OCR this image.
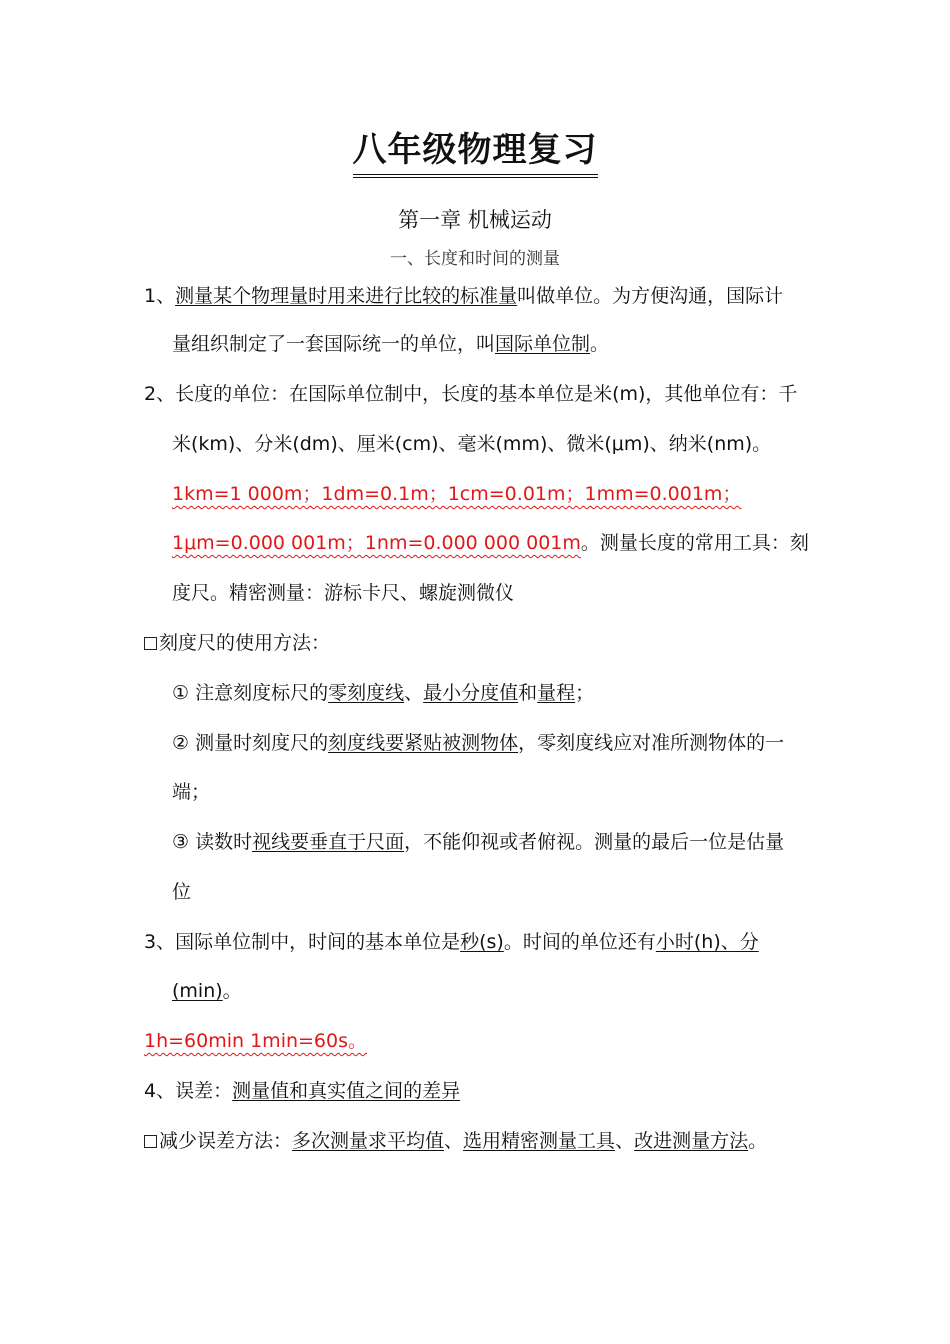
八年级物理复习
第一章 机械运动
一、长度和时间的测量
1、测量某个物理量时用来进行比较的标准量叫做单位。为方便沟通，国际计
量组织制定了一套国际统一的单位，叫国际单位制。
2、长度的单位：在国际单位制中，长度的基本单位是米(m)，其他单位有：千
米(km)、分米(dm)、厘米(cm)、毫米(mm)、微米(μm)、纳米(nm)。
1km=1 000m；1dm=0.1m；1cm=0.01m；1mm=0.001m；
1μm=0.000 001m；1nm=0.000 000 001m。测量长度的常用工具：刻
度尺。精密测量：游标卡尺、螺旋测微仪
刻度尺的使用方法：
① 注意刻度标尺的零刻度线、最小分度值和量程；
② 测量时刻度尺的刻度线要紧贴被测物体，零刻度线应对准所测物体的一
端；
③ 读数时视线要垂直于尺面，不能仰视或者俯视。测量的最后一位是估量
位
3、国际单位制中，时间的基本单位是秒(s)。时间的单位还有小时(h)、分
(min)。
1h=60min 1min=60s。
4、误差：测量值和真实值之间的差异
减少误差方法：多次测量求平均值、选用精密测量工具、改进测量方法。
